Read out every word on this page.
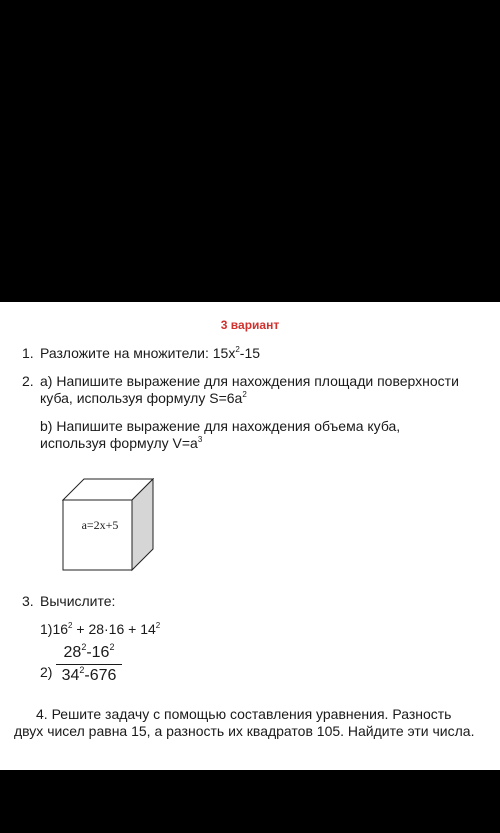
3 вариант
1. Разложите на множители: $15x^2-15$
2. a) Напишите выражение для нахождения площади поверхности
куба, используя формулу $S=6a^2$
b) Напишите выражение для нахождения объема куба,
используя формулу $V=a^3$
a=2x+5
3. Вычислите:
$1)16^2 + 28\cdot 16 + 14^2$
2)
$28^2-16^2$
$34^2-676$
4. Решите задачу с помощью составления уравнения. Разность
двух чисел равна 15, а разность их квадратов 105. Найдите эти числа.
